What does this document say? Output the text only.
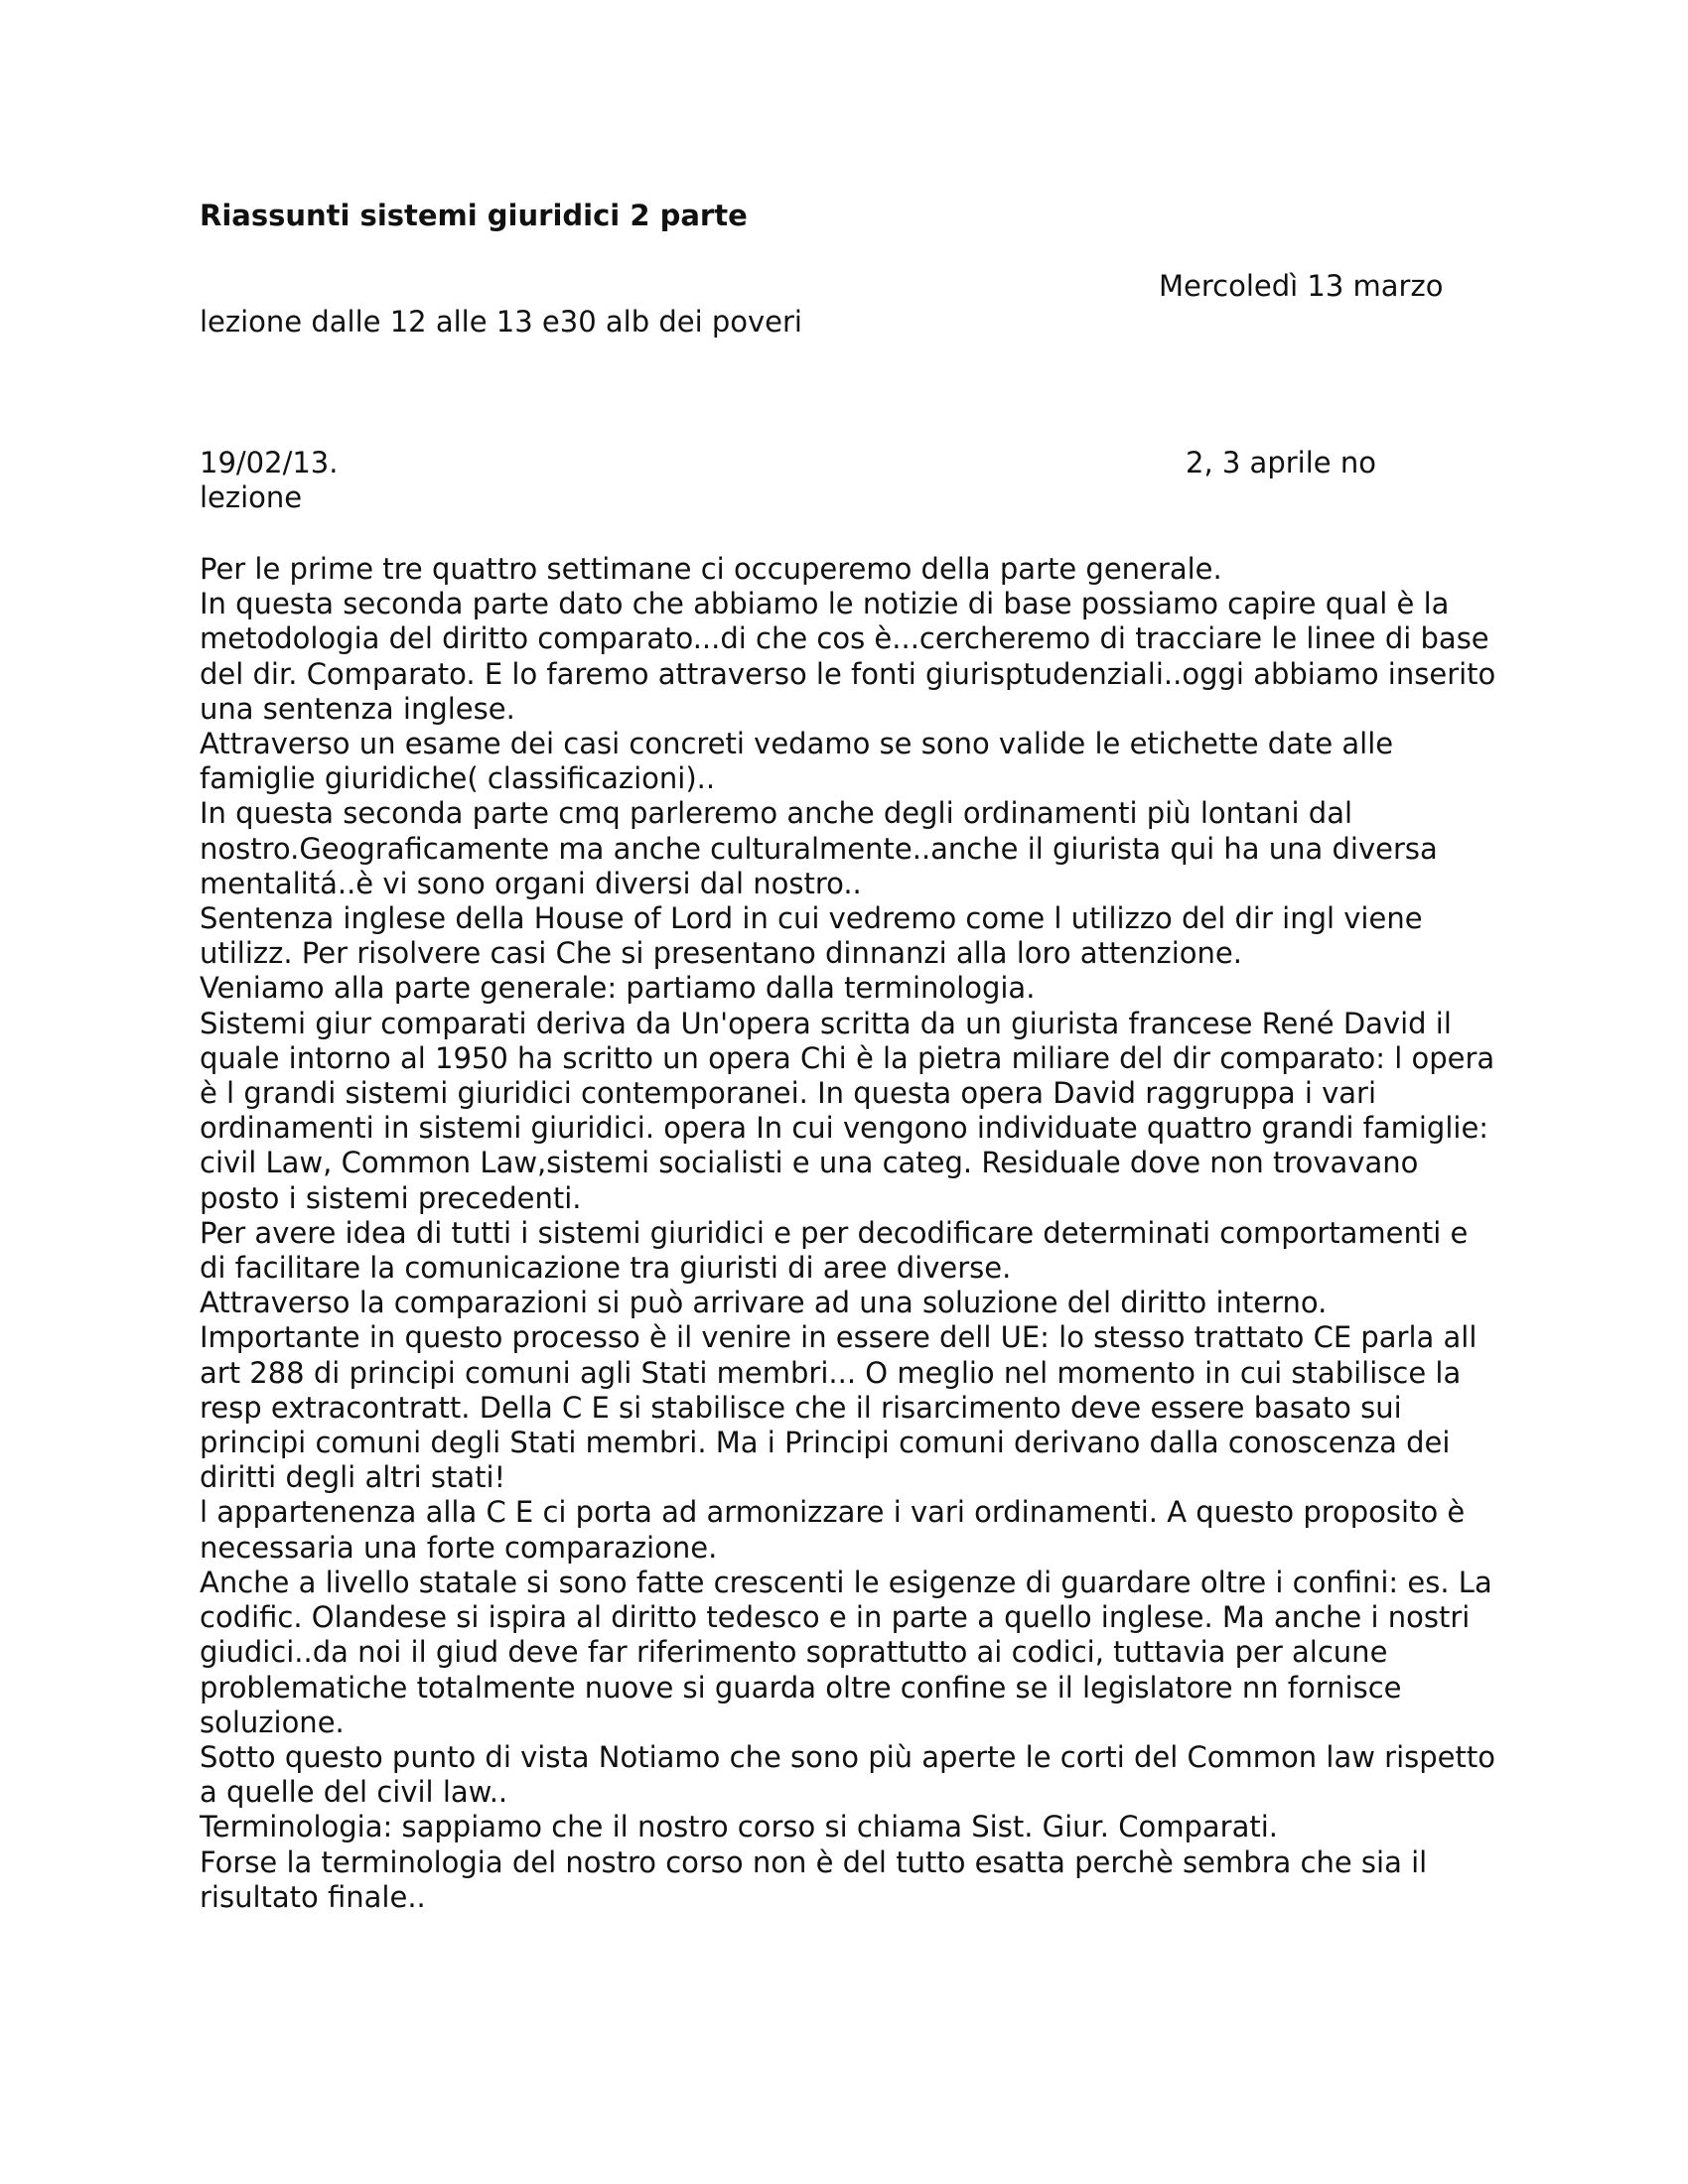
Riassunti sistemi giuridici 2 parte
Mercoledì 13 marzo
lezione dalle 12 alle 13 e30 alb dei poveri
19/02/13.	2, 3 aprile no
lezione

Per le prime tre quattro settimane ci occuperemo della parte generale.

In questa seconda parte dato che abbiamo le notizie di base possiamo capire qual è la metodologia del diritto comparato...di che cos è...cercheremo di tracciare le linee di base del dir. Comparato. E lo faremo attraverso le fonti giurisptudenziali..oggi abbiamo inserito una sentenza inglese.

Attraverso un esame dei casi concreti vedamo se sono valide le etichette date alle famiglie giuridiche( classificazioni)..

In questa seconda parte cmq parleremo anche degli ordinamenti più lontani dal nostro.Geograficamente ma anche culturalmente..anche il giurista qui ha una diversa mentalitá..è vi sono organi diversi dal nostro..

Sentenza inglese della House of Lord in cui vedremo come l utilizzo del dir ingl viene utilizz. Per risolvere casi Che si presentano dinnanzi alla loro attenzione.

Veniamo alla parte generale: partiamo dalla terminologia.

Sistemi giur comparati deriva da Un'opera scritta da un giurista francese René David il quale intorno al 1950 ha scritto un opera Chi è la pietra miliare del dir comparato: l opera è l grandi sistemi giuridici contemporanei. In questa opera David raggruppa i vari ordinamenti in sistemi giuridici. opera In cui vengono individuate quattro grandi famiglie: civil Law, Common Law,sistemi socialisti e una categ. Residuale dove non trovavano posto i sistemi precedenti.

Per avere idea di tutti i sistemi giuridici e per decodificare determinati comportamenti e di facilitare la comunicazione tra giuristi di aree diverse.

Attraverso la comparazioni si può arrivare ad una soluzione del diritto interno.

Importante in questo processo è il venire in essere dell UE: lo stesso trattato CE parla all art 288 di principi comuni agli Stati membri... O meglio nel momento in cui stabilisce la resp extracontratt. Della C E si stabilisce che il risarcimento deve essere basato sui principi comuni degli Stati membri. Ma i Principi comuni derivano dalla conoscenza dei diritti degli altri stati!

l appartenenza alla C E ci porta ad armonizzare i vari ordinamenti. A questo proposito è necessaria una forte comparazione.

Anche a livello statale si sono fatte crescenti le esigenze di guardare oltre i confini: es. La codific. Olandese si ispira al diritto tedesco e in parte a quello inglese. Ma anche i nostri giudici..da noi il giud deve far riferimento soprattutto ai codici, tuttavia per alcune problematiche totalmente nuove si guarda oltre confine se il legislatore nn fornisce soluzione.

Sotto questo punto di vista Notiamo che sono più aperte le corti del Common law rispetto a quelle del civil law..

Terminologia: sappiamo che il nostro corso si chiama Sist. Giur. Comparati.

Forse la terminologia del nostro corso non è del tutto esatta perchè sembra che sia il risultato finale..
